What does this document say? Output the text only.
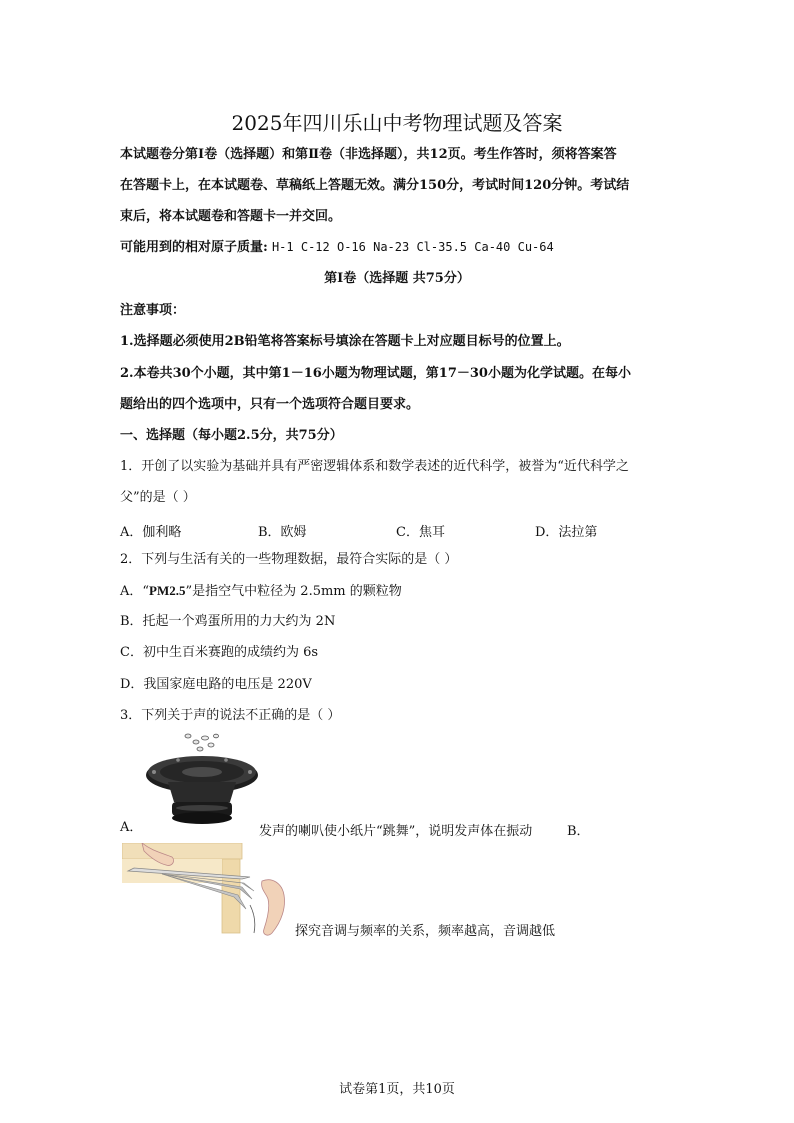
2025年四川乐山中考物理试题及答案
本试题卷分第Ⅰ卷（选择题）和第Ⅱ卷（非选择题），共12页。考生作答时，须将答案答
在答题卡上，在本试题卷、草稿纸上答题无效。满分150分，考试时间120分钟。考试结
束后，将本试题卷和答题卡一并交回。
可能用到的相对原子质量: H-1 C-12 O-16 Na-23 Cl-35.5 Ca-40 Cu-64
第Ⅰ卷（选择题 共75分）
注意事项：
1.选择题必须使用2B铅笔将答案标号填涂在答题卡上对应题目标号的位置上。
2.本卷共30个小题，其中第1－16小题为物理试题，第17－30小题为化学试题。在每小
题给出的四个选项中，只有一个选项符合题目要求。
一、选择题（每小题2.5分，共75分）
1．开创了以实验为基础并具有严密逻辑体系和数学表述的近代科学，被誉为“近代科学之
父”的是（ ）
A．伽利略	B．欧姆	C．焦耳	D．法拉第
2．下列与生活有关的一些物理数据，最符合实际的是（ ）
A．“PM2.5”是指空气中粒径为 2.5mm 的颗粒物
B．托起一个鸡蛋所用的力大约为 2N
C．初中生百米赛跑的成绩约为 6s
D．我国家庭电路的电压是 220V
3．下列关于声的说法不正确的是（ ）
A．	发声的喇叭使小纸片“跳舞”，说明发声体在振动	B．
探究音调与频率的关系，频率越高，音调越低
试卷第1页，共10页
